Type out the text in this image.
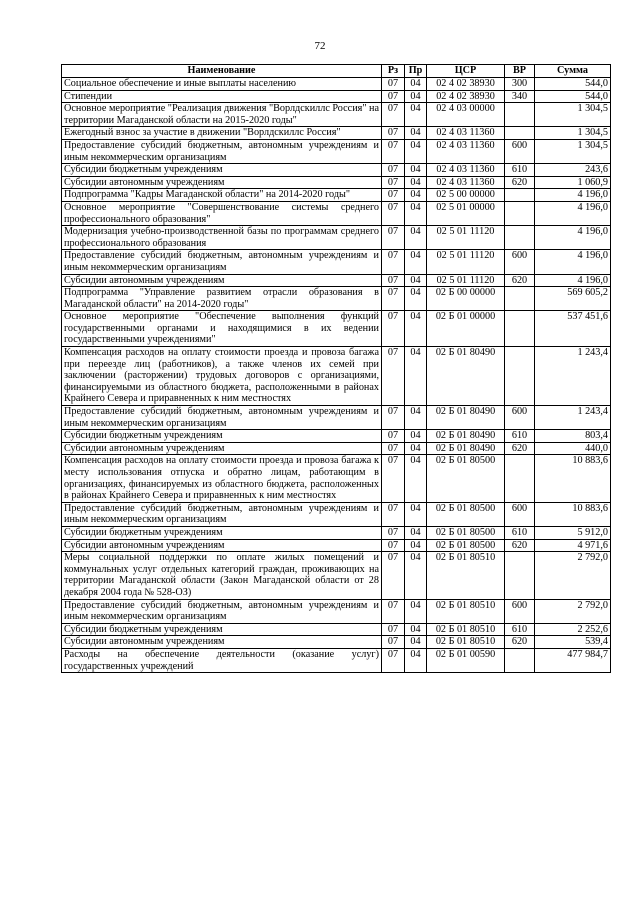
72
Наименование	Рз	Пр	ЦСР	ВР	Сумма
Социальное обеспечение и иные выплаты населению	07	04	02 4 02 38930	300	544,0
Стипендии	07	04	02 4 02 38930	340	544,0
Основное мероприятие "Реализация движения "Ворлдскиллс Россия" на территории Магаданской области на 2015-2020 годы"	07	04	02 4 03 00000		1 304,5
Ежегодный взнос за участие в движении "Ворлдскиллс Россия"	07	04	02 4 03 11360		1 304,5
Предоставление субсидий бюджетным, автономным учреждениям и иным некоммерческим организациям	07	04	02 4 03 11360	600	1 304,5
Субсидии бюджетным учреждениям	07	04	02 4 03 11360	610	243,6
Субсидии автономным учреждениям	07	04	02 4 03 11360	620	1 060,9
Подпрограмма "Кадры Магаданской области" на 2014-2020 годы"	07	04	02 5 00 00000		4 196,0
Основное мероприятие "Совершенствование системы среднего профессионального образования"	07	04	02 5 01 00000		4 196,0
Модернизация учебно-производственной базы по программам среднего профессионального образования	07	04	02 5 01 11120		4 196,0
Предоставление субсидий бюджетным, автономным учреждениям и иным некоммерческим организациям	07	04	02 5 01 11120	600	4 196,0
Субсидии автономным учреждениям	07	04	02 5 01 11120	620	4 196,0
Подпрограмма "Управление развитием отрасли образования в Магаданской области" на 2014-2020 годы"	07	04	02 Б 00 00000		569 605,2
Основное мероприятие "Обеспечение выполнения функций государственными органами и находящимися в их ведении государственными учреждениями"	07	04	02 Б 01 00000		537 451,6
Компенсация расходов на оплату стоимости проезда и провоза багажа при переезде лиц (работников), а также членов их семей при заключении (расторжении) трудовых договоров с организациями, финансируемыми из областного бюджета, расположенными в районах Крайнего Севера и приравненных к ним местностях	07	04	02 Б 01 80490		1 243,4
Предоставление субсидий бюджетным, автономным учреждениям и иным некоммерческим организациям	07	04	02 Б 01 80490	600	1 243,4
Субсидии бюджетным учреждениям	07	04	02 Б 01 80490	610	803,4
Субсидии автономным учреждениям	07	04	02 Б 01 80490	620	440,0
Компенсация расходов на оплату стоимости проезда и провоза багажа к месту использования отпуска и обратно лицам, работающим в организациях, финансируемых из областного бюджета, расположенных в районах Крайнего Севера и приравненных к ним местностях	07	04	02 Б 01 80500		10 883,6
Предоставление субсидий бюджетным, автономным учреждениям и иным некоммерческим организациям	07	04	02 Б 01 80500	600	10 883,6
Субсидии бюджетным учреждениям	07	04	02 Б 01 80500	610	5 912,0
Субсидии автономным учреждениям	07	04	02 Б 01 80500	620	4 971,6
Меры социальной поддержки по оплате жилых помещений и коммунальных услуг отдельных категорий граждан, проживающих на территории Магаданской области (Закон Магаданской области от 28 декабря 2004 года № 528-ОЗ)	07	04	02 Б 01 80510		2 792,0
Предоставление субсидий бюджетным, автономным учреждениям и иным некоммерческим организациям	07	04	02 Б 01 80510	600	2 792,0
Субсидии бюджетным учреждениям	07	04	02 Б 01 80510	610	2 252,6
Субсидии автономным учреждениям	07	04	02 Б 01 80510	620	539,4
Расходы на обеспечение деятельности (оказание услуг) государственных учреждений	07	04	02 Б 01 00590		477 984,7
